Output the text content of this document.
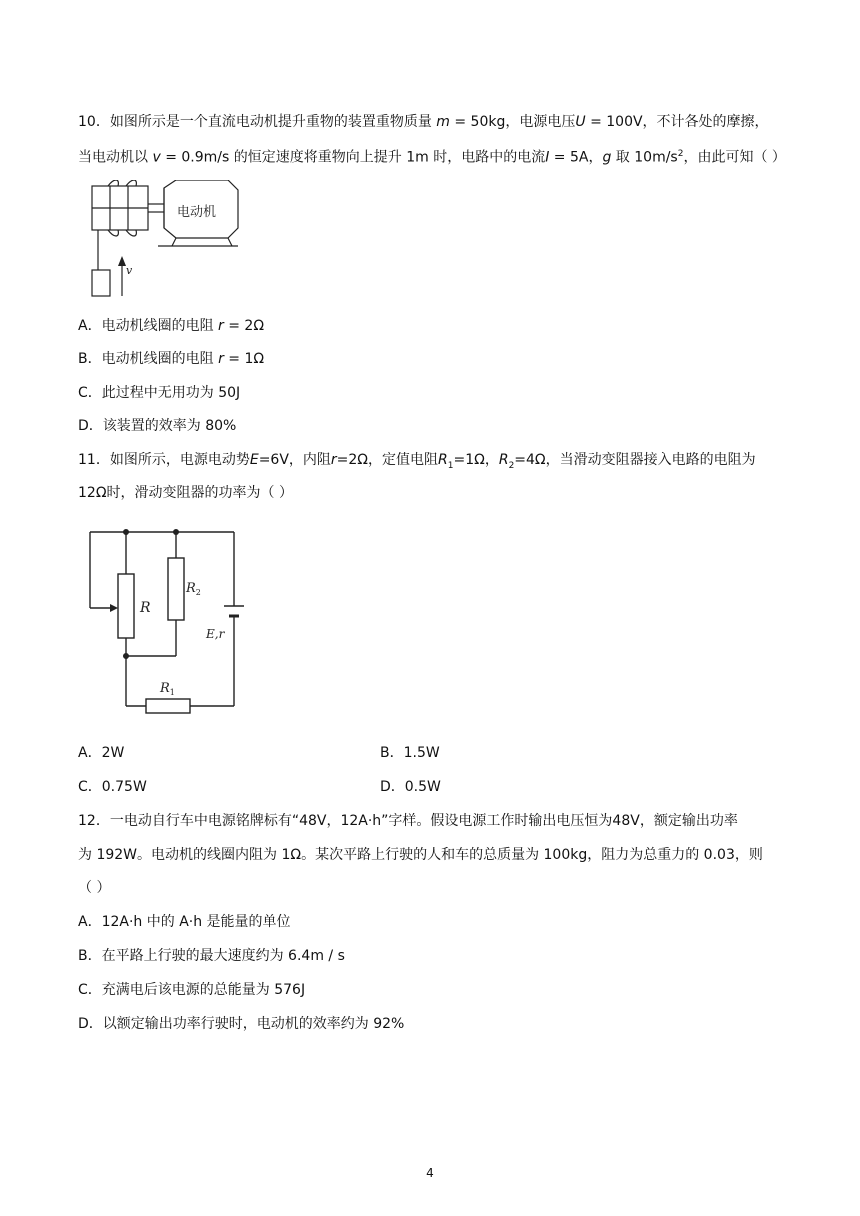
10．如图所示是一个直流电动机提升重物的装置重物质量 m = 50kg，电源电压U = 100V，不计各处的摩擦，
当电动机以 v = 0.9m/s 的恒定速度将重物向上提升 1m 时，电路中的电流I = 5A，g 取 $10m/s^2$，由此可知（ ）
电动机
v
A．电动机线圈的电阻 r = 2Ω
B．电动机线圈的电阻 r = 1Ω
C．此过程中无用功为 50J
D．该装置的效率为 80%
11．如图所示，电源电动势E=6V，内阻r=2Ω，定值电阻$R_1=1\Omega$，$R_2=4\Omega$，当滑动变阻器接入电路的电阻为
12Ω时，滑动变阻器的功率为（ ）
R
$R_2$
E,r
$R_1$
A．2W	B．1.5W
C．0.75W	D．0.5W
12．一电动自行车中电源铭牌标有“48V，12A·h”字样。假设电源工作时输出电压恒为48V，额定输出功率
为 192W。电动机的线圈内阻为 1Ω。某次平路上行驶的人和车的总质量为 100kg，阻力为总重力的 0.03，则
（ ）
A．12A·h 中的 A·h 是能量的单位
B．在平路上行驶的最大速度约为 6.4m / s
C．充满电后该电源的总能量为 576J
D．以额定输出功率行驶时，电动机的效率约为 92%
4
